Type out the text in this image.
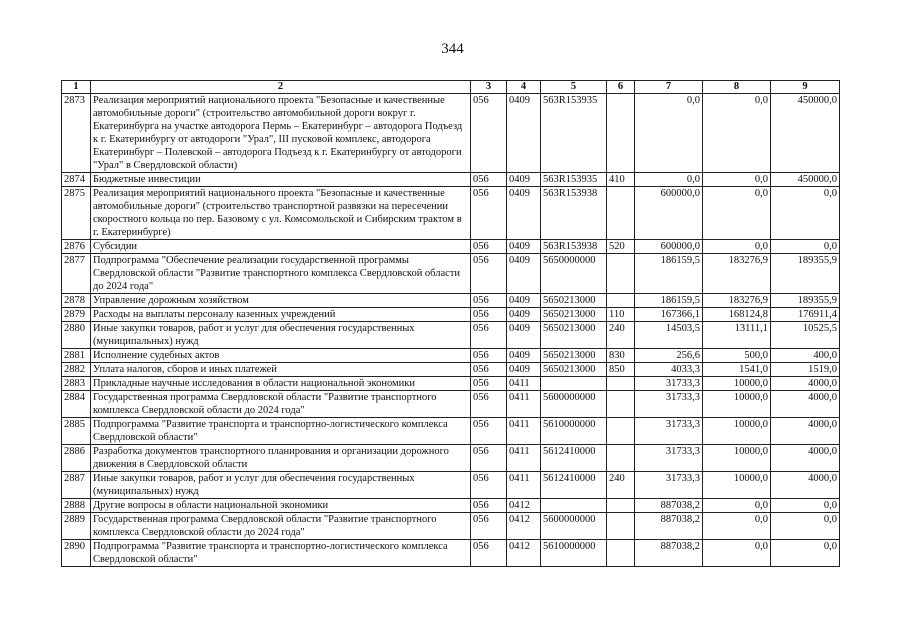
344
1	2	3	4	5	6	7	8	9
2873	Реализация мероприятий национального проекта "Безопасные и качественные автомобильные дороги" (строительство автомобильной дороги вокруг г. Екатеринбурга на участке автодорога Пермь – Екатеринбург – автодорога Подъезд к г. Екатеринбургу от автодороги "Урал", III пусковой комплекс, автодорога Екатеринбург – Полевской – автодорога Подъезд к г. Екатеринбургу от автодороги "Урал" в Свердловской области)	056	0409	563R153935		0,0	0,0	450000,0
2874	Бюджетные инвестиции	056	0409	563R153935	410	0,0	0,0	450000,0
2875	Реализация мероприятий национального проекта "Безопасные и качественные автомобильные дороги" (строительство транспортной развязки на пересечении скоростного кольца по пер. Базовому с ул. Комсомольской и Сибирским трактом в г. Екатеринбурге)	056	0409	563R153938		600000,0	0,0	0,0
2876	Субсидии	056	0409	563R153938	520	600000,0	0,0	0,0
2877	Подпрограмма "Обеспечение реализации государственной программы Свердловской области "Развитие транспортного комплекса Свердловской области до 2024 года"	056	0409	5650000000		186159,5	183276,9	189355,9
2878	Управление дорожным хозяйством	056	0409	5650213000		186159,5	183276,9	189355,9
2879	Расходы на выплаты персоналу казенных учреждений	056	0409	5650213000	110	167366,1	168124,8	176911,4
2880	Иные закупки товаров, работ и услуг для обеспечения государственных (муниципальных) нужд	056	0409	5650213000	240	14503,5	13111,1	10525,5
2881	Исполнение судебных актов	056	0409	5650213000	830	256,6	500,0	400,0
2882	Уплата налогов, сборов и иных платежей	056	0409	5650213000	850	4033,3	1541,0	1519,0
2883	Прикладные научные исследования в области национальной экономики	056	0411			31733,3	10000,0	4000,0
2884	Государственная программа Свердловской области "Развитие транспортного комплекса Свердловской области до 2024 года"	056	0411	5600000000		31733,3	10000,0	4000,0
2885	Подпрограмма "Развитие транспорта и транспортно-логистического комплекса Свердловской области"	056	0411	5610000000		31733,3	10000,0	4000,0
2886	Разработка документов транспортного планирования и организации дорожного движения в Свердловской области	056	0411	5612410000		31733,3	10000,0	4000,0
2887	Иные закупки товаров, работ и услуг для обеспечения государственных (муниципальных) нужд	056	0411	5612410000	240	31733,3	10000,0	4000,0
2888	Другие вопросы в области национальной экономики	056	0412			887038,2	0,0	0,0
2889	Государственная программа Свердловской области "Развитие транспортного комплекса Свердловской области до 2024 года"	056	0412	5600000000		887038,2	0,0	0,0
2890	Подпрограмма "Развитие транспорта и транспортно-логистического комплекса Свердловской области"	056	0412	5610000000		887038,2	0,0	0,0
